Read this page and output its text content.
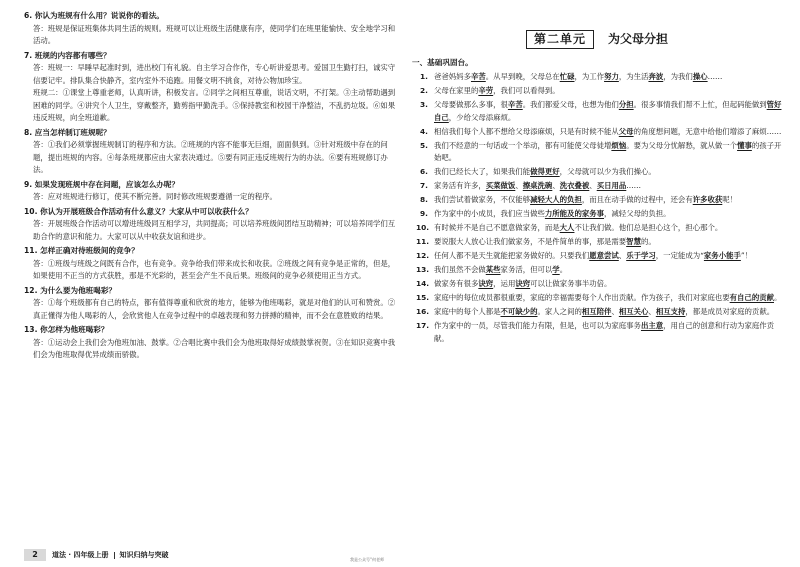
6. 你认为班规有什么用？说说你的看法。
答：班规是保证班集体共同生活的规则。班规可以让班级生活健康有序，使同学们在班里能愉快、安全地学习和活动。
7. 班规的内容都有哪些？
答：班规一：早睡早起准时到，进出校门有礼貌。自主学习合作作，专心听讲爱思考。爱国卫生勤打扫，诚实守信要记牢。排队集合快静齐，室内室外不追跑。用餐文明不挑食，对待公物加珍宝。
班规二：①课堂上尊重老师，认真听讲，积极发言。②同学之间相互尊重，说话文明，不打架。③主动帮助遇到困难的同学。④讲究个人卫生，穿戴整齐，勤剪指甲勤洗手。⑤保持教室和校园干净整洁，不乱扔垃圾。⑥如果违反班规，向全班道歉。
8. 应当怎样制订班规呢？
答：①我们必须掌握班规制订的程序和方法。②班规的内容不能事无巨细，面面俱到。③针对班级中存在的问题，提出班规的内容。④每条班规都应由大家表决通过。⑤要有同正违反班规行为的办法。⑥要有班规修订办法。
9. 如果发现班规中存在问题，应该怎么办呢？
答：应对班规进行修订，使其不断完善。同时修改班规要遵循一定的程序。
10. 你认为开展班级合作活动有什么意义？大家从中可以收获什么？
答：开展班级合作活动可以增进班级同互相学习，共同提高；可以培养班级间团结互助精神；可以培养同学们互助合作的意识和能力。大家可以从中收获友谊和进步。
11. 怎样正确对待班级间的竞争？
答：①班级与班级之间既有合作，也有竞争。竞争给我们带来成长和收获。②班级之间有竞争是正常的，但是，如果使用不正当的方式获胜，那是不光彩的，甚至会产生不良后果。班级间的竞争必须使用正当方式。
12. 为什么要为他班喝彩？
答：①每个班级都有自己的特点，都有值得尊重和欣赏的地方，能够为他班喝彩，就是对他们的认可和赞赏。②真正懂得为他人喝彩的人，会欣赏他人在竞争过程中的卓越表现和努力拼搏的精神，而不会在意胜败的结果。
13. 你怎样为他班喝彩？
答：①运动会上我们会为他班加油、鼓掌。②合唱比赛中我们会为他班取得好成绩鼓掌祝贺。③在知识竞赛中我们会为他班取得优异成绩而骄傲。
第二单元 为父母分担
一、基础巩固台。
1. 爸爸妈妈多辛苦。从早到晚，父母总在忙碌，为工作努力，为生活奔波，为我们操心……
2. 父母在家里的辛劳，我们可以看得到。
3. 父母要做那么多事，很辛苦。我们都爱父母，也想为他们分担。很多事情我们帮不上忙，但起码能做到管好自己，少给父母添麻烦。
4. 相信我们每个人都不想给父母添麻烦，只是有时候不能从父母的角度想问题，无意中给他们增添了麻烦……
5. 我们不经意的一句话或一个举动，都有可能使父母徒增烦恼。要为父母分忧解愁，就从做一个懂事的孩子开始吧。
6. 我们已经长大了，如果我们能做得更好，父母就可以少为我们操心。
7. 家务活有许多，买菜做饭、擦桌洗碗、洗衣叠被、买日用品……
8. 我们尝试着做家务，不仅能够减轻大人的负担，而且在动手做的过程中，还会有许多收获呢！
9. 作为家中的小成员，我们应当做些力所能及的家务事，减轻父母的负担。
10. 有时候并不是自己不愿意做家务，而是大人不让我们做。他们总是担心这个，担心那个。
11. 要说服大人放心让我们做家务，不是件简单的事，那是需要智慧的。
12. 任何人都不是天生就能把家务做好的。只要我们愿意尝试、乐于学习，一定能成为“家务小能手”！
13. 我们虽然不会做某些家务活，但可以学。
14. 做家务有很多诀窍，运用诀窍可以让做家务事半功倍。
15. 家庭中的每位成员都很重要，家庭的幸福需要每个人作出贡献。作为孩子，我们对家庭也要有自己的贡献。
16. 家庭中的每个人都是不可缺少的。家人之间的相互陪伴、相互关心、相互支持，都是成员对家庭的贡献。
17. 作为家中的一员，尽管我们能力有限，但是，也可以为家庭事务出主意，用自己的创意和行动为家庭作贡献。
2	道法 · 四年级上册 知识归纳与突破
我是公众号“何老师
